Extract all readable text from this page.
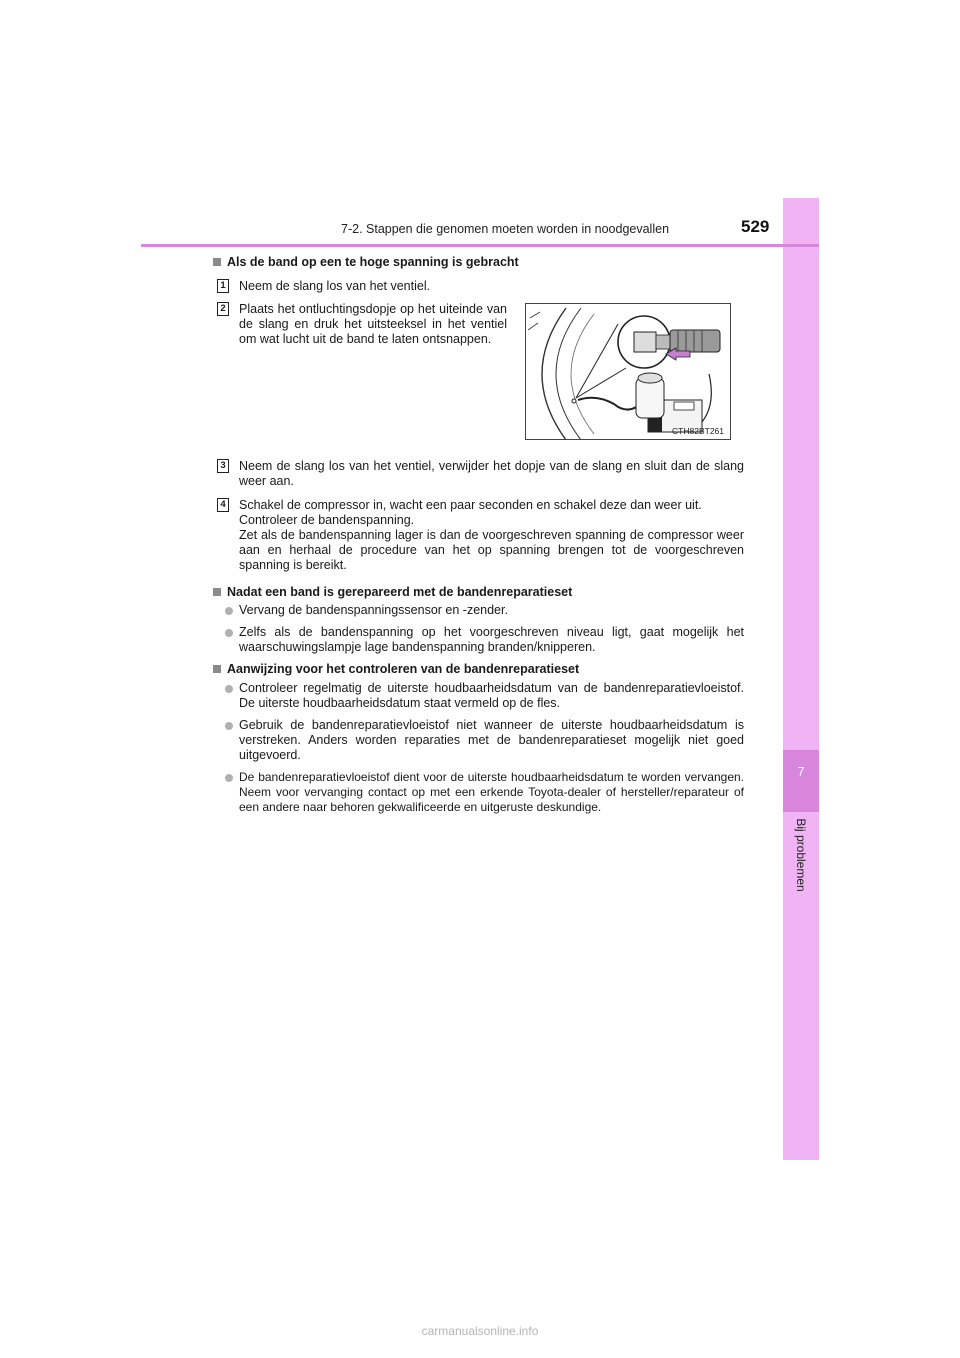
7
Bij problemen
7-2. Stappen die genomen moeten worden in noodgevallen	529
Als de band op een te hoge spanning is gebracht
1 Neem de slang los van het ventiel.
2 Plaats het ontluchtingsdopje op het uiteinde van de slang en druk het uitsteeksel in het ventiel om wat lucht uit de band te laten ontsnappen.
CTH82BT261
3 Neem de slang los van het ventiel, verwijder het dopje van de slang en sluit dan de slang weer aan.
4 Schakel de compressor in, wacht een paar seconden en schakel deze dan weer uit.
Controleer de bandenspanning.
Zet als de bandenspanning lager is dan de voorgeschreven spanning de compressor weer aan en herhaal de procedure van het op spanning brengen tot de voorgeschreven spanning is bereikt.
Nadat een band is gerepareerd met de bandenreparatieset
Vervang de bandenspanningssensor en -zender.
Zelfs als de bandenspanning op het voorgeschreven niveau ligt, gaat mogelijk het waarschuwingslampje lage bandenspanning branden/knipperen.
Aanwijzing voor het controleren van de bandenreparatieset
Controleer regelmatig de uiterste houdbaarheidsdatum van de bandenreparatievloeistof. De uiterste houdbaarheidsdatum staat vermeld op de fles.
Gebruik de bandenreparatievloeistof niet wanneer de uiterste houdbaarheidsdatum is verstreken. Anders worden reparaties met de bandenreparatieset mogelijk niet goed uitgevoerd.
De bandenreparatievloeistof dient voor de uiterste houdbaarheidsdatum te worden vervangen. Neem voor vervanging contact op met een erkende Toyota-dealer of hersteller/reparateur of een andere naar behoren gekwalificeerde en uitgeruste deskundige.
carmanualsonline.info
